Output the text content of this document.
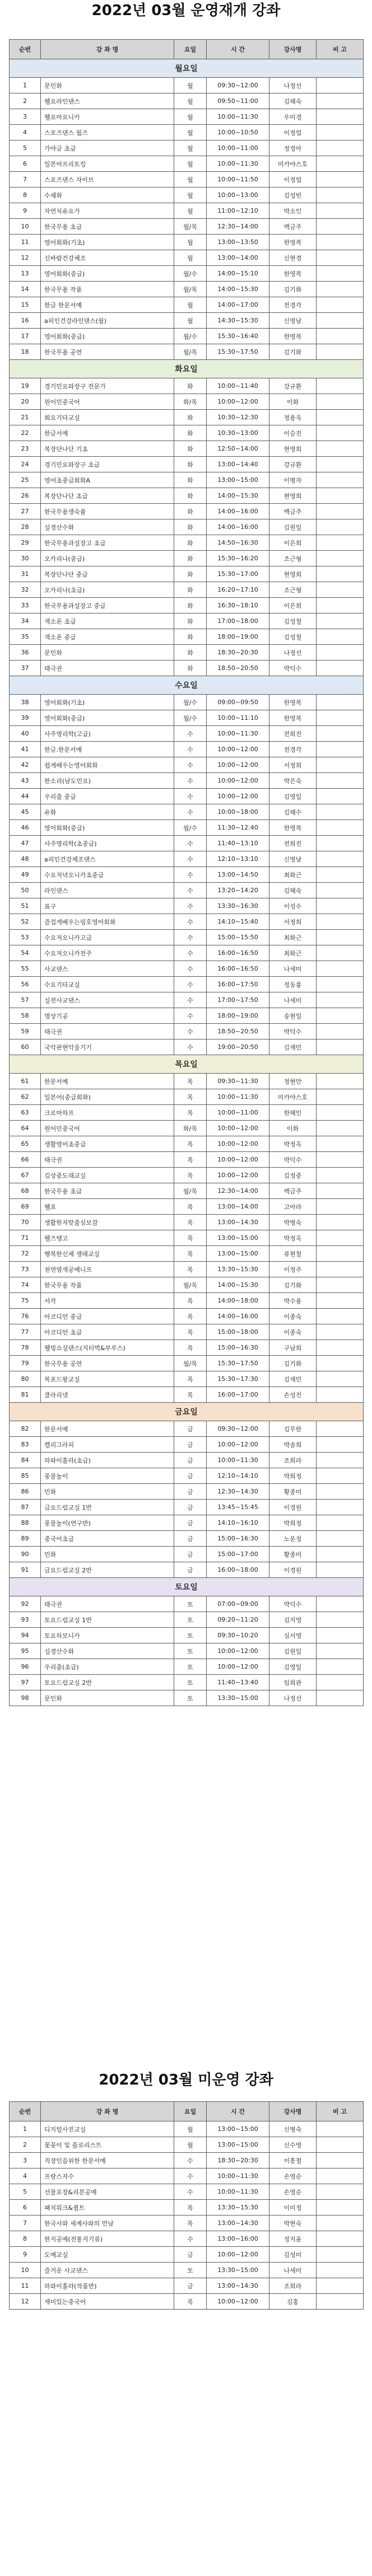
2022년 03월 운영재개 강좌
순번	강 좌 명	요일	시 간	강사명	비 고
월요일					
1	문인화	월	09:30~12:00	나정선	
2	웰요라인댄스	월	09:50~11:00	김혜숙	
3	웰요마요니카	월	10:00~11:30	우미경	
4	스포즈댄스 월즈	월	10:00~10:50	이정업	
5	가야금 초급	월	10:00~11:00	정정아	
6	일본어프리토킹	월	10:00~11:30	미카야스호	
7	스포즈댄스 자이브	월	10:00~11:50	이정업	
8	수채화	월	10:00~13:00	김성빈	
9	자연치유요가	월	11:00~12:10	박소인	
10	한국무용 초급	월/목	12:30~14:00	백금주	
11	영어회화(기초)	월	13:00~13:50	한영복	
12	신바람건강체조	월	13:00~14:00	신현경	
13	영어회화(중급)	월/수	14:00~15:10	한영복	
14	한국무용 작품	월/목	14:00~15:30	김기화	
15	한글 한문서예	월	14:00~17:00	전경각	
16	a피인건강라인댄스(월)	월	14:30~15:30	신명남	
17	영어회화(중급)	월/수	15:30~16:40	한영복	
18	한국무용 공연	월/목	15:30~17:50	김기화	
화요일					
19	경기민요와장구 전문가	화	10:00~11:40	강규환	
20	원어민중국어	화/목	10:00~12:00	이화	
21	회요기타교실	화	10:30~12:30	정용욱	
22	한글서예	화	10:30~13:00	이승진	
23	복장단나단 기초	화	12:50~14:00	현영희	
24	경기민요와장구 초급	화	13:00~14:40	강규환	
25	영어초중급회화A	화	13:00~15:00	이병자	
26	복장단나단 초급	화	14:00~15:30	현영희	
27	한국무용생숙률	화	14:00~16:00	백금주	
28	실경산수화	화	14:00~16:00	김원일	
29	한국무용과설장고 초급	화	14:50~16:30	이은희	
30	오카리나(중급)	화	15:30~16:20	조근형	
31	복장단나단 중급	화	15:30~17:00	현영희	
32	오카리나(초급)	화	16:20~17:10	조근형	
33	한국무용과설장고 중급	화	16:30~18:10	이은희	
34	색소폰 초급	화	17:00~18:00	김성철	
35	색소폰 중급	화	18:00~19:00	김성철	
36	문인화	화	18:30~20:30	나정선	
37	태극권	화	18:50~20:50	박덕수	
수요일					
38	영어회화(기초)	월/수	09:00~09:50	한영복	
39	영어회화(중급)	월/수	10:00~11:10	한영복	
40	사주명리학(고급)	수	10:00~11:30	전희진	
41	한글.한문서예	수	10:00~12:00	전경각	
42	쉽게배우는영어회화	수	10:00~12:00	서정희	
43	한소리(남도민요)	수	10:00~12:00	박은숙	
44	우리춤 중급	수	10:00~12:00	김영일	
45	유화	수	10:00~18:00	김혜수	
46	영어회화(중급)	월/수	11:30~12:40	한영복	
47	사주명리학(초중급)	수	11:40~13:10	전희진	
48	a피인건강체조댄스	수	12:10~13:10	신명남	
49	수요저녁오니카초중급	수	13:00~14:50	최화근	
50	라인댄스	수	13:20~14:20	김혜숙	
51	표구	수	13:30~16:30	이성수	
52	즐겁게배우는링호영어회화	수	14:10~15:40	서정희	
53	수요저오니카고급	수	15:00~15:50	최화근	
54	수요저오니카전주	수	16:00~16:50	최화근	
55	사교댄스	수	16:00~16:50	나세미	
56	수요기타교실	수	16:00~17:50	정동룡	
57	실전사교댄스	수	17:00~17:50	나세미	
58	명상기공	수	18:00~19:00	송현일	
59	태극권	수	18:50~20:50	박덕수	
60	국악관현악울기기	수	19:00~20:50	김재민	
목요일					
61	한문서예	목	09:30~11:30	정현안	
62	일본어(중급회화)	목	10:00~11:30	미카야스호	
63	크로마하프	목	10:00~11:00	한혜인	
64	원어민중국어	화/목	10:00~12:00	이화	
65	생활영어초중급	목	10:00~12:00	박정옥	
66	태극권	목	10:00~12:00	박덕수	
67	김상중도래교실	목	10:00~12:00	김정중	
68	한국무용 초급	월/목	12:30~14:00	백금주	
69	웰포	목	13:00~14:00	고아라	
70	생활한자맞춤심보감	목	13:00~14:30	박병숙	
71	웰즈탱고	목	13:00~15:00	박정옥	
72	행복한신체 생태교실	목	13:00~15:00	류현철	
73	천연염색공예니프	목	13:30~15:30	이정주	
74	한국무용 작품	월/목	14:00~15:30	김기화	
75	서각	목	14:00~18:00	박수용	
76	아코디언 중급	목	14:00~16:00	이종숙	
77	아코디언 초급	목	15:00~18:00	이종숙	
78	웰빙쇼설댄스(지터벅&부루스)	목	15:00~16:30	구남희	
79	한국무용 공연	월/목	15:30~17:50	김기화	
80	복포드왕교실	목	15:30~17:30	김재민	
81	클라리넷	목	16:00~17:00	손성진	
금요일					
82	한문서예	금	09:30~12:00	김무한	
83	캘리그라피	금	10:00~12:00	박송희	
84	하와이훌라(초급)	금	10:00~11:30	조희라	
85	풍물놀이	금	12:10~14:10	박희정	
86	민화	금	12:30~14:30	황종미	
87	금요드럼교실 1반	금	13:45~15:45	이경원	
88	풍물놀이(연구반)	금	14:10~16:10	박희정	
89	중국어초급	금	15:00~16:30	노운정	
90	민화	금	15:00~17:00	황종미	
91	금요드럼교실 2반	금	16:00~18:00	이경원	
토요일					
92	태극권	토	07:00~09:00	박덕수	
93	토요드럼교실 1반	토	09:20~11:20	김지영	
94	토요하모니카	토	09:30~10:20	심서영	
95	실경산수화	토	10:00~12:00	김원일	
96	우리춤(초급)	토	10:00~12:00	김영일	
97	토요드럼교실 2반	토	11:40~13:40	임희관	
98	문인화	토	13:30~15:00	나정선	
2022년 03월 미운영 강좌
순번	강 좌 명	요일	시 간	강사명	비 고
1	디지털사진교실	월	13:00~15:00	신병숙	
2	꽃꽂이 및 플로리스트	월	13:00~15:00	신수영	
3	직장인을위한 한문서예	수	18:30~20:30	이흥철	
4	프랑스자수	수	10:00~11:30	손영순	
5	선물포장&리본공예	수	10:00~11:30	손영순	
6	패치워크&퀼트	목	13:30~15:30	이미정	
7	한국사와 세계사와의 만남	목	13:00~14:30	박현숙	
8	한지공예(전통지기류)	수	13:00~16:00	정지윤	
9	도예교실	금	10:00~12:00	김성미	
10	즐거운 사교댄스	토	13:30~15:00	나세미	
11	하와이훌라(작품반)	금	13:00~14:30	조희라	
12	재미있는중국어	목	10:00~12:00	김홍	
